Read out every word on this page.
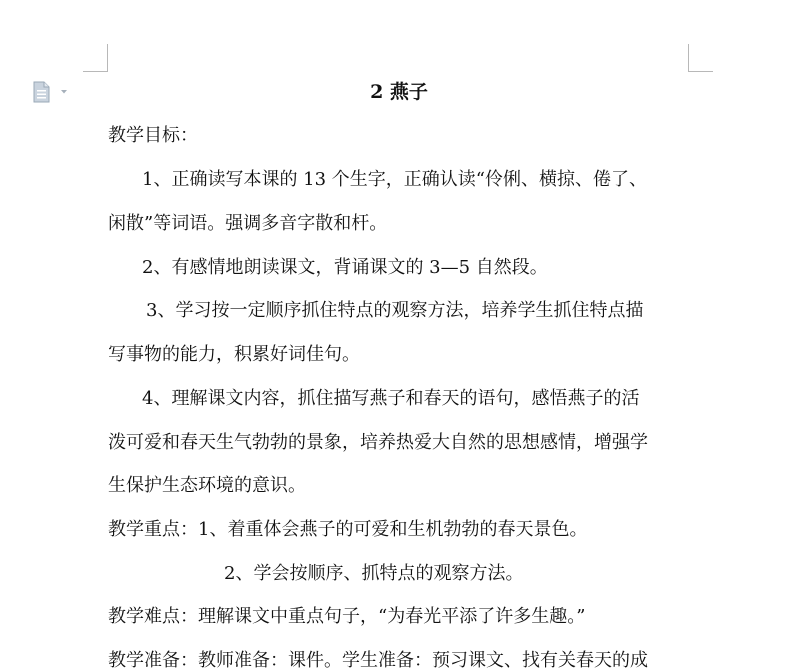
2 燕子

教学目标：

1、正确读写本课的 13 个生字，正确认读“伶俐、横掠、倦了、

闲散”等词语。强调多音字散和杆。

2、有感情地朗读课文，背诵课文的 3—5 自然段。

3、学习按一定顺序抓住特点的观察方法，培养学生抓住特点描

写事物的能力，积累好词佳句。

4、理解课文内容，抓住描写燕子和春天的语句，感悟燕子的活

泼可爱和春天生气勃勃的景象，培养热爱大自然的思想感情，增强学

生保护生态环境的意识。

教学重点：1、着重体会燕子的可爱和生机勃勃的春天景色。

2、学会按顺序、抓特点的观察方法。

教学难点：理解课文中重点句子，“为春光平添了许多生趣。”

教学准备：教师准备：课件。学生准备：预习课文、找有关春天的成
